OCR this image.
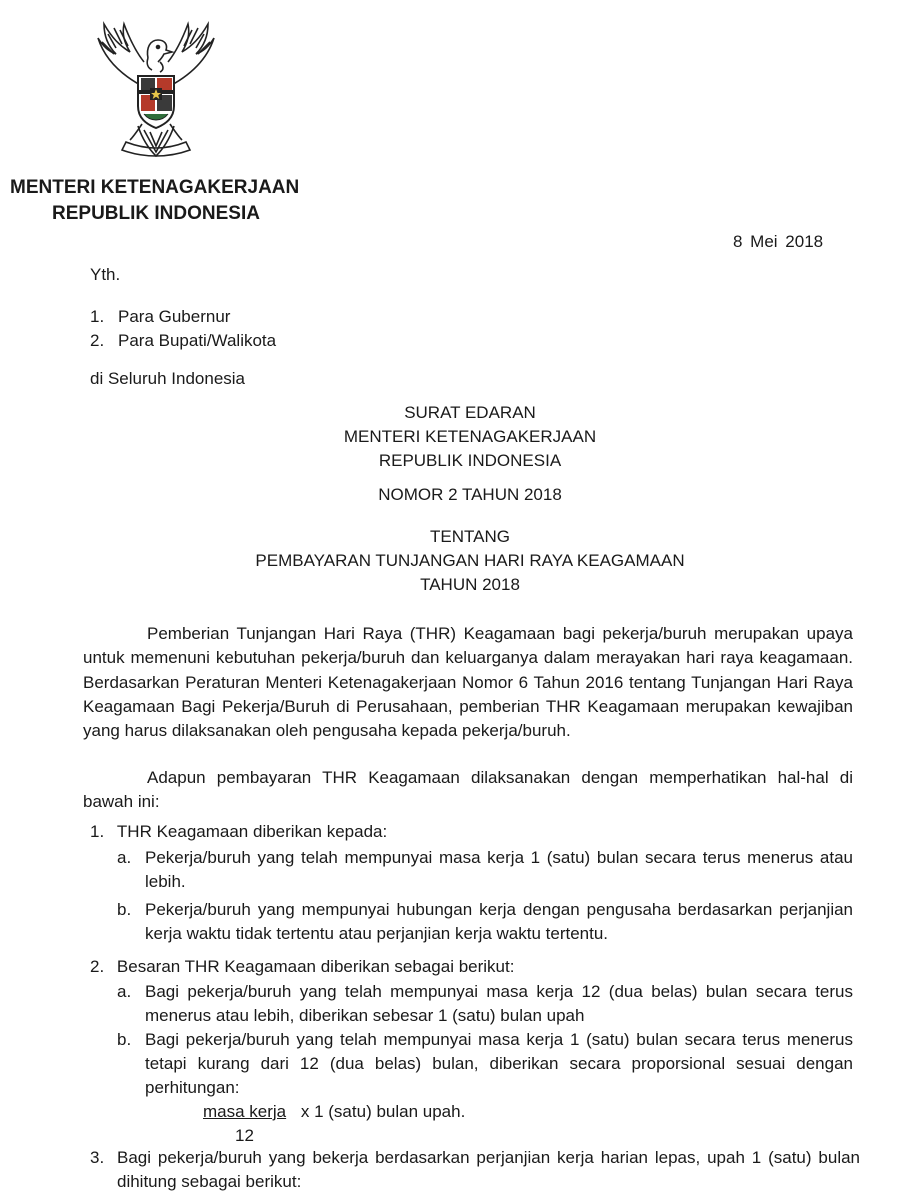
MENTERI KETENAGAKERJAAN
REPUBLIK INDONESIA
8 Mei 2018
Yth.
1. Para Gubernur
2. Para Bupati/Walikota
di Seluruh Indonesia
SURAT EDARAN
MENTERI KETENAGAKERJAAN
REPUBLIK INDONESIA
NOMOR 2 TAHUN 2018
TENTANG
PEMBAYARAN TUNJANGAN HARI RAYA KEAGAMAAN
TAHUN 2018

Pemberian Tunjangan Hari Raya (THR) Keagamaan bagi pekerja/buruh merupakan upaya untuk memenuni kebutuhan pekerja/buruh dan keluarganya dalam merayakan hari raya keagamaan. Berdasarkan Peraturan Menteri Ketenagakerjaan Nomor 6 Tahun 2016 tentang Tunjangan Hari Raya Keagamaan Bagi Pekerja/Buruh di Perusahaan, pemberian THR Keagamaan merupakan kewajiban yang harus dilaksanakan oleh pengusaha kepada pekerja/buruh.

Adapun pembayaran THR Keagamaan dilaksanakan dengan memperhatikan hal-hal di bawah ini:

1. THR Keagamaan diberikan kepada:
a. Pekerja/buruh yang telah mempunyai masa kerja 1 (satu) bulan secara terus menerus atau lebih.
b. Pekerja/buruh yang mempunyai hubungan kerja dengan pengusaha berdasarkan perjanjian kerja waktu tidak tertentu atau perjanjian kerja waktu tertentu.
2. Besaran THR Keagamaan diberikan sebagai berikut:
a. Bagi pekerja/buruh yang telah mempunyai masa kerja 12 (dua belas) bulan secara terus menerus atau lebih, diberikan sebesar 1 (satu) bulan upah
b. Bagi pekerja/buruh yang telah mempunyai masa kerja 1 (satu) bulan secara terus menerus tetapi kurang dari 12 (dua belas) bulan, diberikan secara proporsional sesuai dengan perhitungan:
masa kerja x 1 (satu) bulan upah.
12
3. Bagi pekerja/buruh yang bekerja berdasarkan perjanjian kerja harian lepas, upah 1 (satu) bulan dihitung sebagai berikut:
